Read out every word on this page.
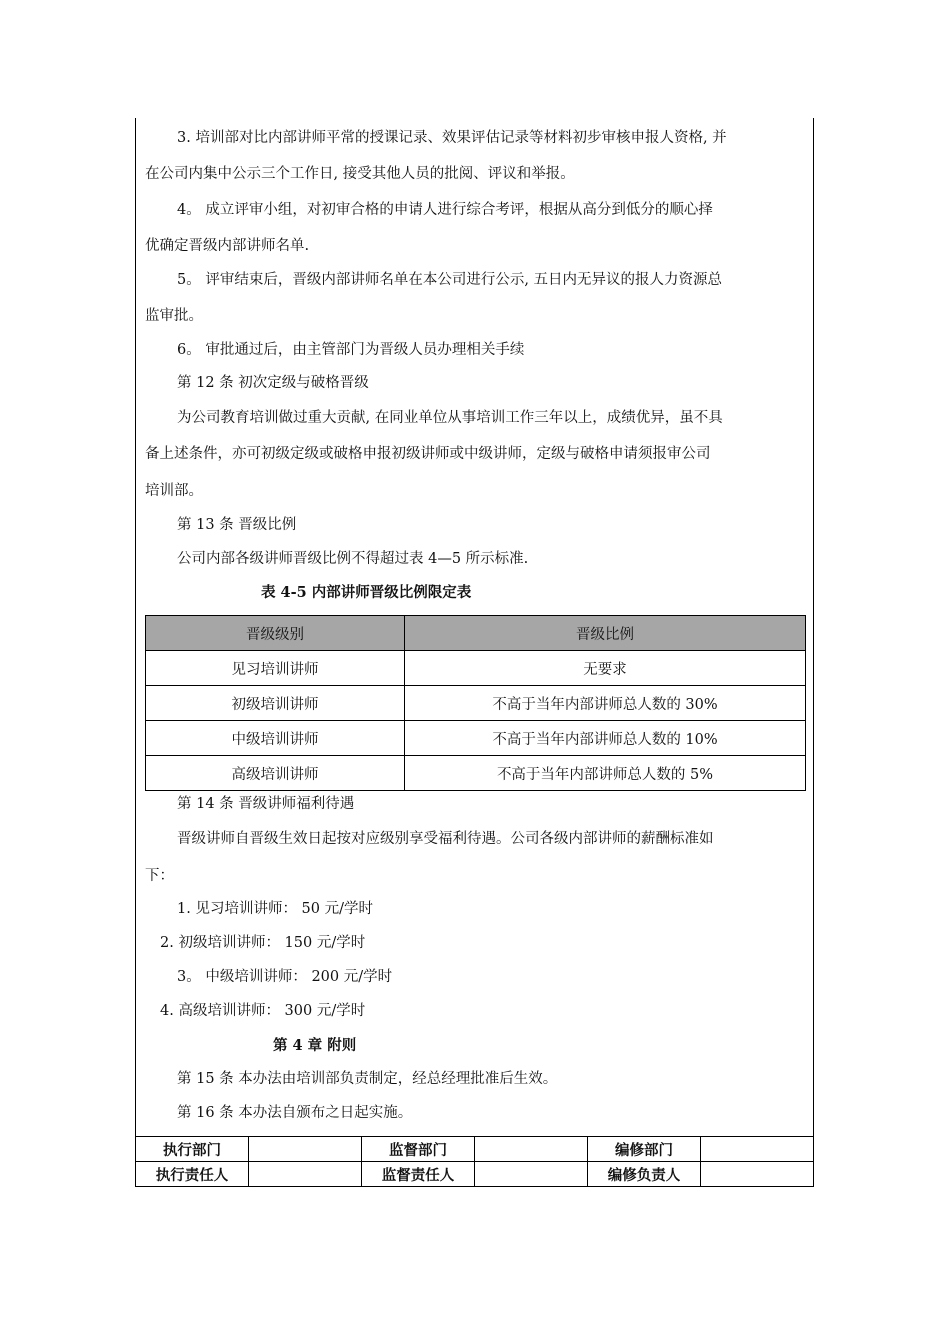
3. 培训部对比内部讲师平常的授课记录、效果评估记录等材料初步审核申报人资格, 并
在公司内集中公示三个工作日, 接受其他人员的批阅、评议和举报。
4。 成立评审小组，对初审合格的申请人进行综合考评，根据从高分到低分的顺心择
优确定晋级内部讲师名单.
5。 评审结束后，晋级内部讲师名单在本公司进行公示, 五日内无异议的报人力资源总
监审批。
6。 审批通过后，由主管部门为晋级人员办理相关手续
第 12 条 初次定级与破格晋级
为公司教育培训做过重大贡献, 在同业单位从事培训工作三年以上，成绩优异，虽不具
备上述条件，亦可初级定级或破格申报初级讲师或中级讲师，定级与破格申请须报审公司
培训部。
第 13 条 晋级比例
公司内部各级讲师晋级比例不得超过表 4—5 所示标准.
表 4-5 内部讲师晋级比例限定表
晋级级别	晋级比例
见习培训讲师	无要求
初级培训讲师	不高于当年内部讲师总人数的 30%
中级培训讲师	不高于当年内部讲师总人数的 10%
高级培训讲师	不高于当年内部讲师总人数的 5%
第 14 条 晋级讲师福利待遇
晋级讲师自晋级生效日起按对应级别享受福利待遇。公司各级内部讲师的薪酬标准如
下：
1. 见习培训讲师： 50 元/学时
2. 初级培训讲师： 150 元/学时
3。 中级培训讲师： 200 元/学时
4. 高级培训讲师： 300 元/学时
第 4 章 附则
第 15 条 本办法由培训部负责制定，经总经理批准后生效。
第 16 条 本办法自颁布之日起实施。
执行部门		监督部门		编修部门	
执行责任人		监督责任人		编修负责人	
